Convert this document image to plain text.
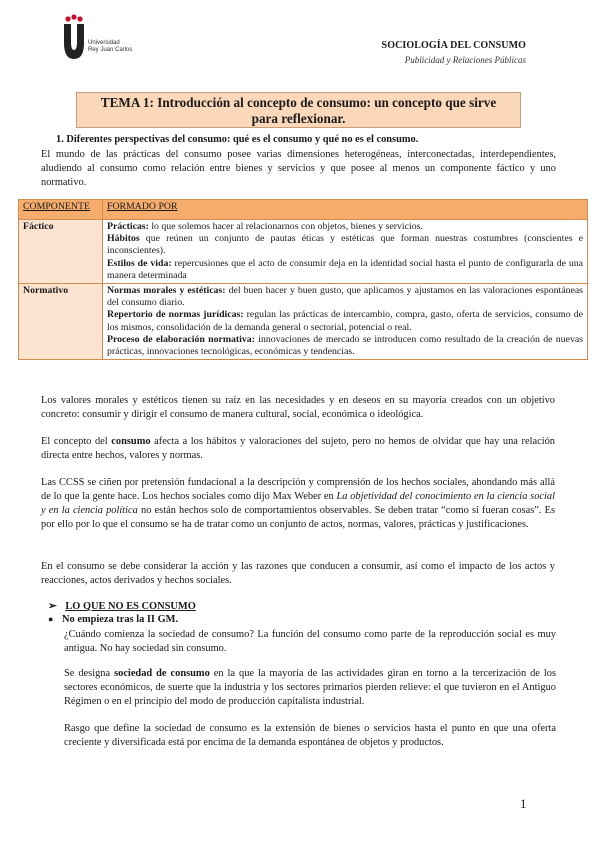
Universidad
Rey Juan Carlos	SOCIOLOGÍA DEL CONSUMO
Publicidad y Relaciones Públicas
TEMA 1: Introducción al concepto de consumo: un concepto que sirve
para reflexionar.
1. Diferentes perspectivas del consumo: qué es el consumo y qué no es el consumo.
El mundo de las prácticas del consumo posee varias dimensiones heterogéneas, interconectadas, interdependientes, aludiendo al consumo como relación entre bienes y servicios y que posee al menos un componente fáctico y uno normativo.
COMPONENTE	FORMADO POR
Fáctico	Prácticas: lo que solemos hacer al relacionarnos con objetos, bienes y servicios.
Hábitos que reúnen un conjunto de pautas éticas y estéticas que forman nuestras costumbres (conscientes e inconscientes).
Estilos de vida: repercusiones que el acto de consumir deja en la identidad social hasta el punto de configurarla de una manera determinada

Normativo	Normas morales y estéticas: del buen hacer y buen gusto, que aplicamos y ajustamos en las valoraciones espontáneas del consumo diario.
Repertorio de normas jurídicas: regulan las prácticas de intercambio, compra, gasto, oferta de servicios, consumo de los mismos, consolidación de la demanda general o sectorial, potencial o real.
Proceso de elaboración normativa: innovaciones de mercado se introducen como resultado de la creación de nuevas prácticas, innovaciones tecnológicas, económicas y tendencias.
Los valores morales y estéticos tienen su raíz en las necesidades y en deseos en su mayoría creados con un objetivo concreto: consumir y dirigir el consumo de manera cultural, social, económica o ideológica.
El concepto del consumo afecta a los hábitos y valoraciones del sujeto, pero no hemos de olvidar que hay una relación directa entre hechos, valores y normas.
Las CCSS se ciñen por pretensión fundacional a la descripción y comprensión de los hechos sociales, ahondando más allá de lo que la gente hace. Los hechos sociales como dijo Max Weber en La objetividad del conocimiento en la ciencia social y en la ciencia política no están hechos solo de comportamientos observables. Se deben tratar “como si fueran cosas”. Es por ello por lo que el consumo se ha de tratar como un conjunto de actos, normas, valores, prácticas y justificaciones.
En el consumo se debe considerar la acción y las razones que conducen a consumir, así como el impacto de los actos y reacciones, actos derivados y hechos sociales.
➢ LO QUE NO ES CONSUMO
● No empieza tras la II GM.
¿Cuándo comienza la sociedad de consumo? La función del consumo como parte de la reproducción social es muy antigua. No hay sociedad sin consumo.
Se designa sociedad de consumo en la que la mayoría de las actividades giran en torno a la tercerización de los sectores económicos, de suerte que la industria y los sectores primarios pierden relieve: el que tuvieron en el Antiguo Régimen o en el principio del modo de producción capitalista industrial.
Rasgo que define la sociedad de consumo es la extensión de bienes o servicios hasta el punto en que una oferta creciente y diversificada está por encima de la demanda espontánea de objetos y productos.
1
